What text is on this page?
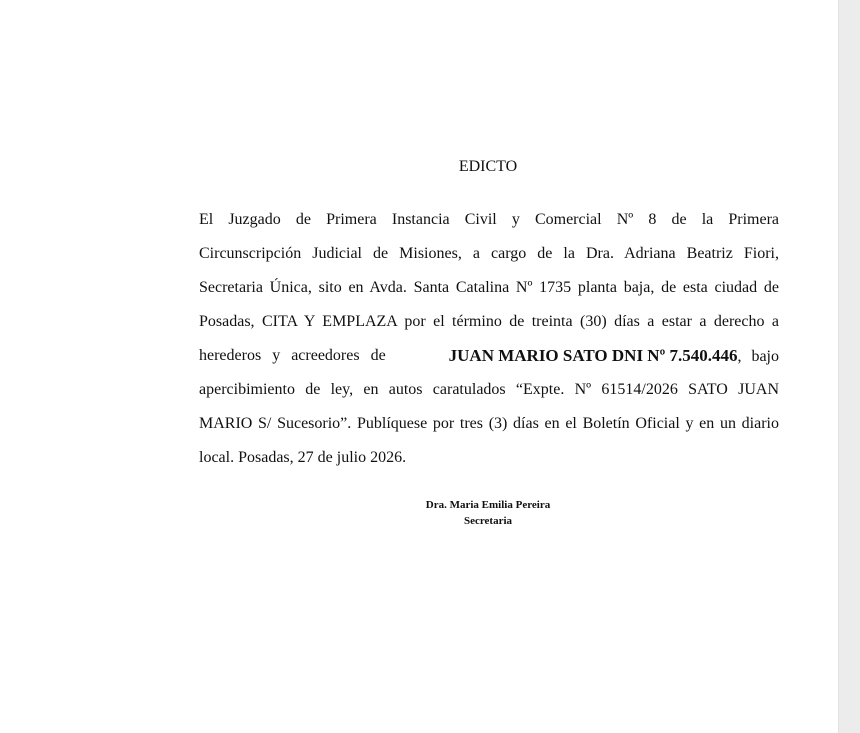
EDICTO
El Juzgado de Primera Instancia Civil y Comercial Nº 8 de la Primera
Circunscripción Judicial de Misiones, a cargo de la Dra. Adriana Beatriz Fiori,
Secretaria Única, sito en Avda. Santa Catalina Nº 1735 planta baja, de esta ciudad de
Posadas, CITA Y EMPLAZA por el término de treinta (30) días a estar a derecho a
herederos y acreedores de	JUAN MARIO SATO DNI Nº 7.540.446, bajo
apercibimiento de ley, en autos caratulados “Expte. Nº 61514/2026 SATO JUAN
MARIO S/ Sucesorio”. Publíquese por tres (3) días en el Boletín Oficial y en un diario
local. Posadas, 27 de julio 2026.
Dra. Maria Emilia Pereira
Secretaria
